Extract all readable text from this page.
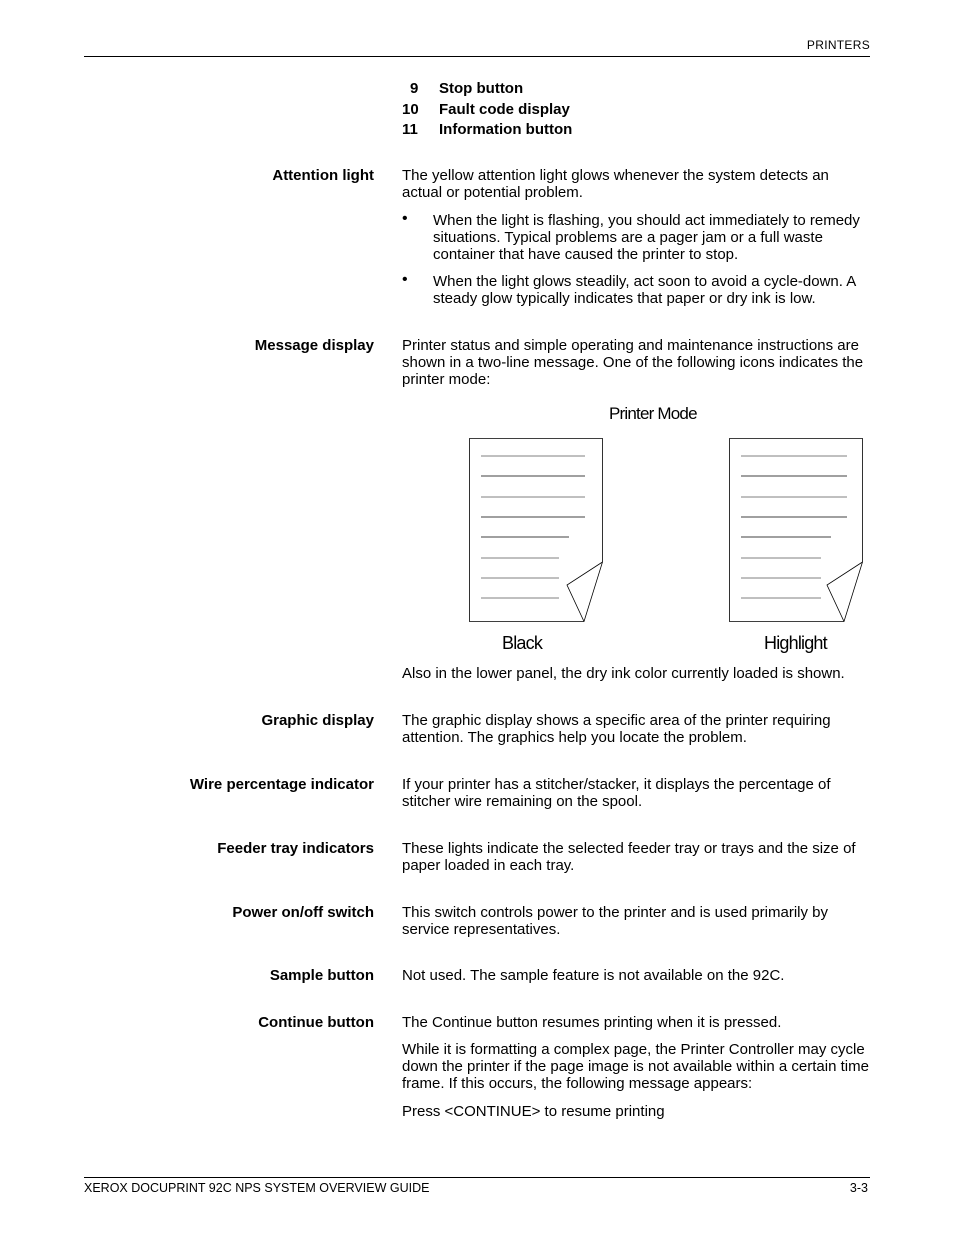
PRINTERS
9	Stop button
10	Fault code display
11	Information button
Attention light The yellow attention light glows whenever the system detects an actual or potential problem.
• When the light is flashing, you should act immediately to remedy situations. Typical problems are a pager jam or a full waste container that have caused the printer to stop.
• When the light glows steadily, act soon to avoid a cycle-down. A steady glow typically indicates that paper or dry ink is low.
Message display Printer status and simple operating and maintenance instructions are shown in a two-line message. One of the following icons indicates the printer mode:
Printer Mode
Black	Highlight
Also in the lower panel, the dry ink color currently loaded is shown.
Graphic display The graphic display shows a specific area of the printer requiring attention. The graphics help you locate the problem.
Wire percentage indicator If your printer has a stitcher/stacker, it displays the percentage of stitcher wire remaining on the spool.
Feeder tray indicators These lights indicate the selected feeder tray or trays and the size of paper loaded in each tray.
Power on/off switch This switch controls power to the printer and is used primarily by service representatives.
Sample button Not used. The sample feature is not available on the 92C.
Continue button The Continue button resumes printing when it is pressed.
While it is formatting a complex page, the Printer Controller may cycle down the printer if the page image is not available within a certain time frame. If this occurs, the following message appears:
Press <CONTINUE> to resume printing
XEROX DOCUPRINT 92C NPS SYSTEM OVERVIEW GUIDE	3-3
